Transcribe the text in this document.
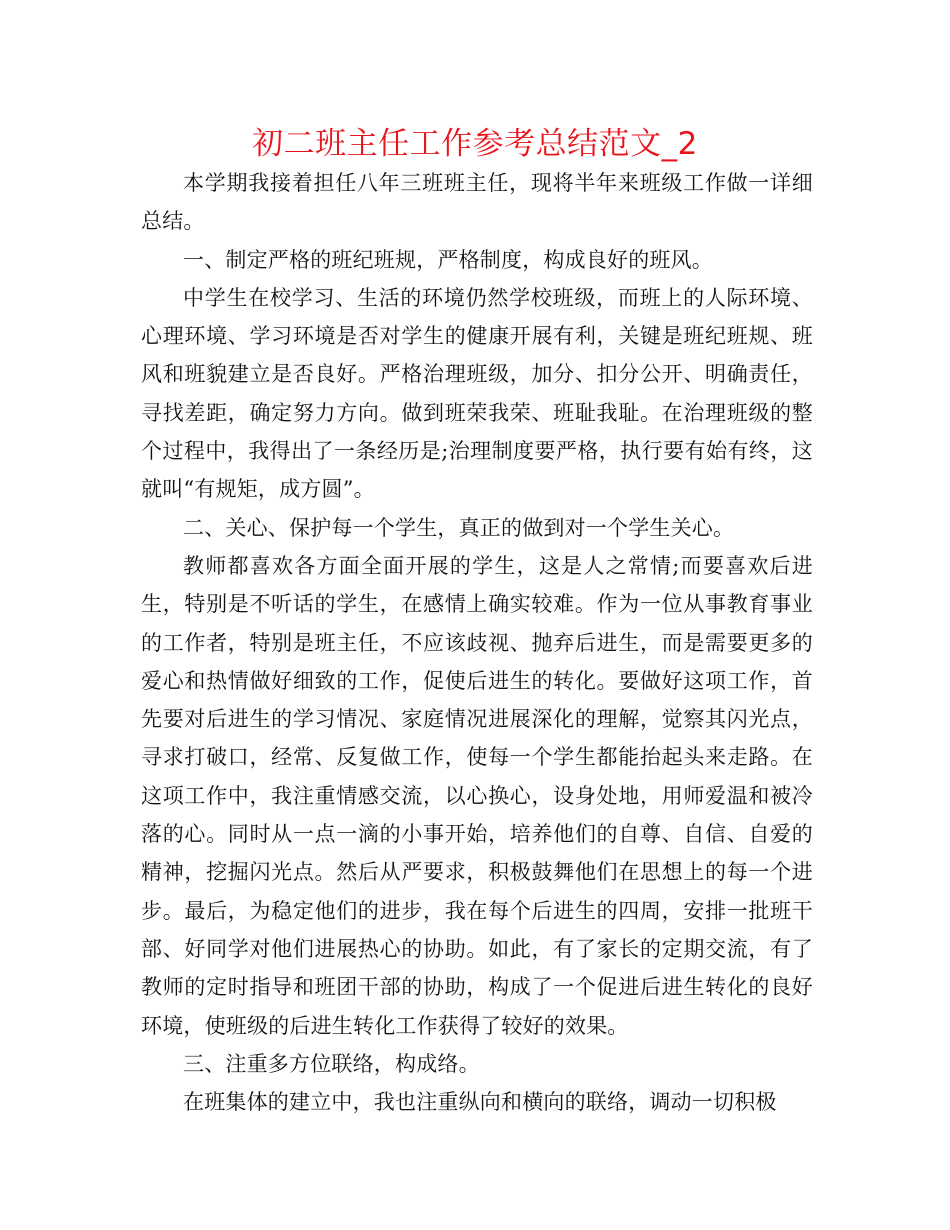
初二班主任工作参考总结范文_2

本学期我接着担任八年三班班主任，现将半年来班级工作做一详细总结。

一、制定严格的班纪班规，严格制度，构成良好的班风。

中学生在校学习、生活的环境仍然学校班级，而班上的人际环境、心理环境、学习环境是否对学生的健康开展有利，关键是班纪班规、班风和班貌建立是否良好。严格治理班级，加分、扣分公开、明确责任，寻找差距，确定努力方向。做到班荣我荣、班耻我耻。在治理班级的整个过程中，我得出了一条经历是;治理制度要严格，执行要有始有终，这就叫“有规矩，成方圆”。

二、关心、保护每一个学生，真正的做到对一个学生关心。

教师都喜欢各方面全面开展的学生，这是人之常情;而要喜欢后进生，特别是不听话的学生，在感情上确实较难。作为一位从事教育事业的工作者，特别是班主任，不应该歧视、抛弃后进生，而是需要更多的爱心和热情做好细致的工作，促使后进生的转化。要做好这项工作，首先要对后进生的学习情况、家庭情况进展深化的理解，觉察其闪光点，寻求打破口，经常、反复做工作，使每一个学生都能抬起头来走路。在这项工作中，我注重情感交流，以心换心，设身处地，用师爱温和被冷落的心。同时从一点一滴的小事开始，培养他们的自尊、自信、自爱的精神，挖掘闪光点。然后从严要求，积极鼓舞他们在思想上的每一个进步。最后，为稳定他们的进步，我在每个后进生的四周，安排一批班干部、好同学对他们进展热心的协助。如此，有了家长的定期交流，有了教师的定时指导和班团干部的协助，构成了一个促进后进生转化的良好环境，使班级的后进生转化工作获得了较好的效果。

三、注重多方位联络，构成络。

在班集体的建立中，我也注重纵向和横向的联络，调动一切积极
